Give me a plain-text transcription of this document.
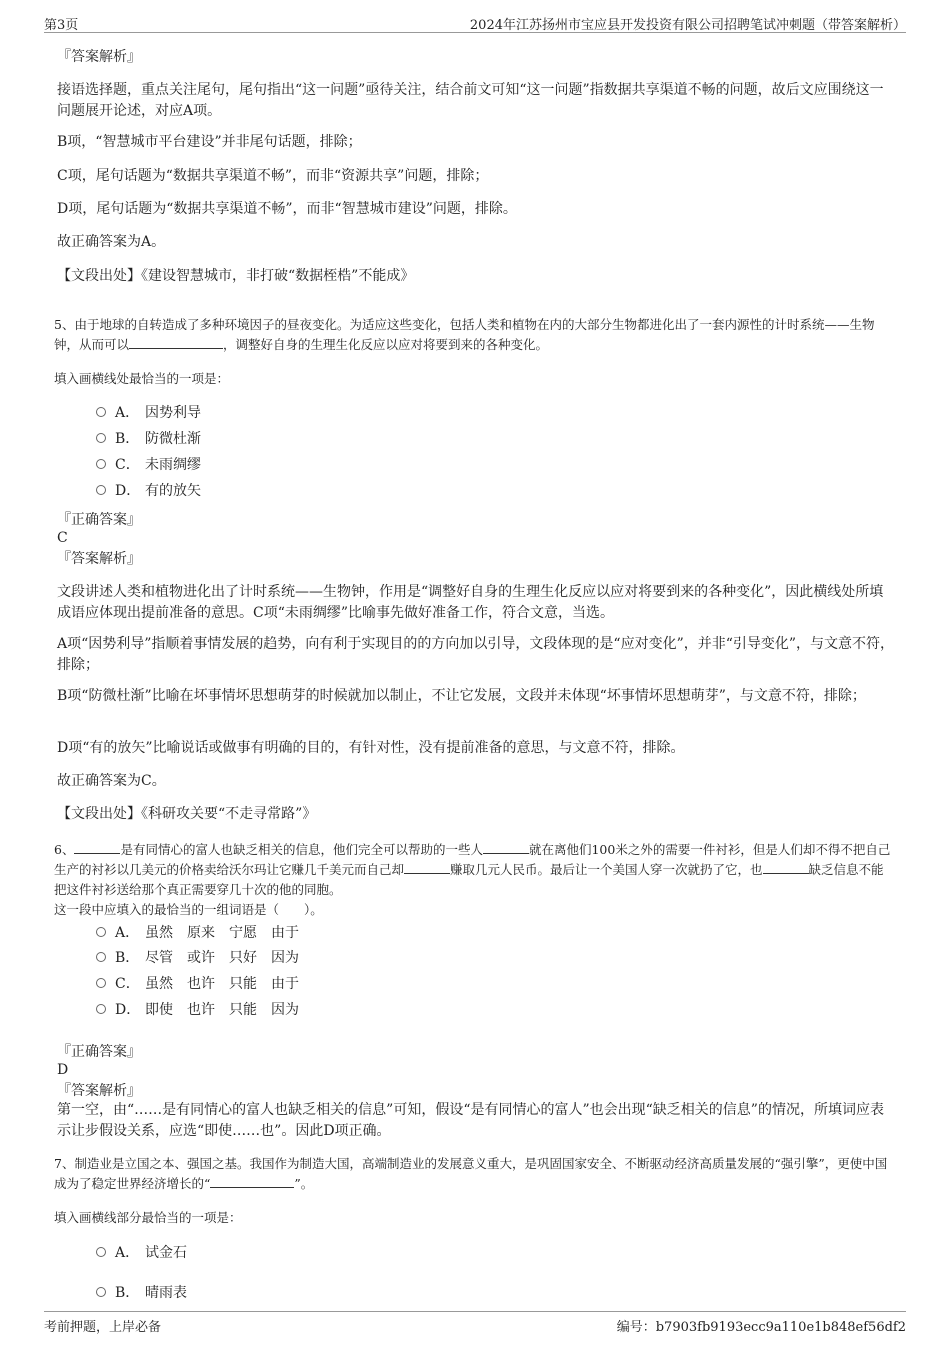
第3页	2024年江苏扬州市宝应县开发投资有限公司招聘笔试冲刺题（带答案解析）

『答案解析』

接语选择题，重点关注尾句，尾句指出“这一问题”亟待关注，结合前文可知“这一问题”指数据共享渠道不畅的问题，故后文应围绕这一问题展开论述，对应A项。

B项，“智慧城市平台建设”并非尾句话题，排除；

C项，尾句话题为“数据共享渠道不畅”，而非“资源共享”问题，排除；

D项，尾句话题为“数据共享渠道不畅”，而非“智慧城市建设”问题，排除。

故正确答案为A。

【文段出处】《建设智慧城市，非打破“数据桎梏”不能成》

5、由于地球的自转造成了多种环境因子的昼夜变化。为适应这些变化，包括人类和植物在内的大部分生物都进化出了一套内源性的计时系统——生物钟，从而可以	，调整好自身的生理生化反应以应对将要到来的各种变化。

填入画横线处最恰当的一项是：

A． 因势利导
B． 防微杜渐
C． 未雨绸缪
D． 有的放矢

『正确答案』

C

『答案解析』

文段讲述人类和植物进化出了计时系统——生物钟，作用是“调整好自身的生理生化反应以应对将要到来的各种变化”，因此横线处所填成语应体现出提前准备的意思。C项“未雨绸缪”比喻事先做好准备工作，符合文意，当选。

A项“因势利导”指顺着事情发展的趋势，向有利于实现目的的方向加以引导，文段体现的是“应对变化”，并非“引导变化”，与文意不符，排除；

B项“防微杜渐”比喻在坏事情坏思想萌芽的时候就加以制止，不让它发展，文段并未体现“坏事情坏思想萌芽”，与文意不符，排除；

D项“有的放矢”比喻说话或做事有明确的目的，有针对性，没有提前准备的意思，与文意不符，排除。

故正确答案为C。

【文段出处】《科研攻关要“不走寻常路”》

6、	是有同情心的富人也缺乏相关的信息，他们完全可以帮助的一些人	就在离他们100米之外的需要一件衬衫，但是人们却不得不把自己生产的衬衫以几美元的价格卖给沃尔玛让它赚几千美元而自己却	赚取几元人民币。最后让一个美国人穿一次就扔了它，也	缺乏信息不能把这件衬衫送给那个真正需要穿几十次的他的同胞。

这一段中应填入的最恰当的一组词语是（　　）。

A． 虽然 原来 宁愿 由于
B． 尽管 或许 只好 因为
C． 虽然 也许 只能 由于
D． 即使 也许 只能 因为

『正确答案』

D

『答案解析』

第一空，由“……是有同情心的富人也缺乏相关的信息”可知，假设“是有同情心的富人”也会出现“缺乏相关的信息”的情况，所填词应表示让步假设关系，应选“即使……也”。因此D项正确。

7、制造业是立国之本、强国之基。我国作为制造大国，高端制造业的发展意义重大，是巩固国家安全、不断驱动经济高质量发展的“强引擎”，更使中国成为了稳定世界经济增长的“	”。

填入画横线部分最恰当的一项是：

A． 试金石
B． 晴雨表
考前押题，上岸必备	编号：b7903fb9193ecc9a110e1b848ef56df2
